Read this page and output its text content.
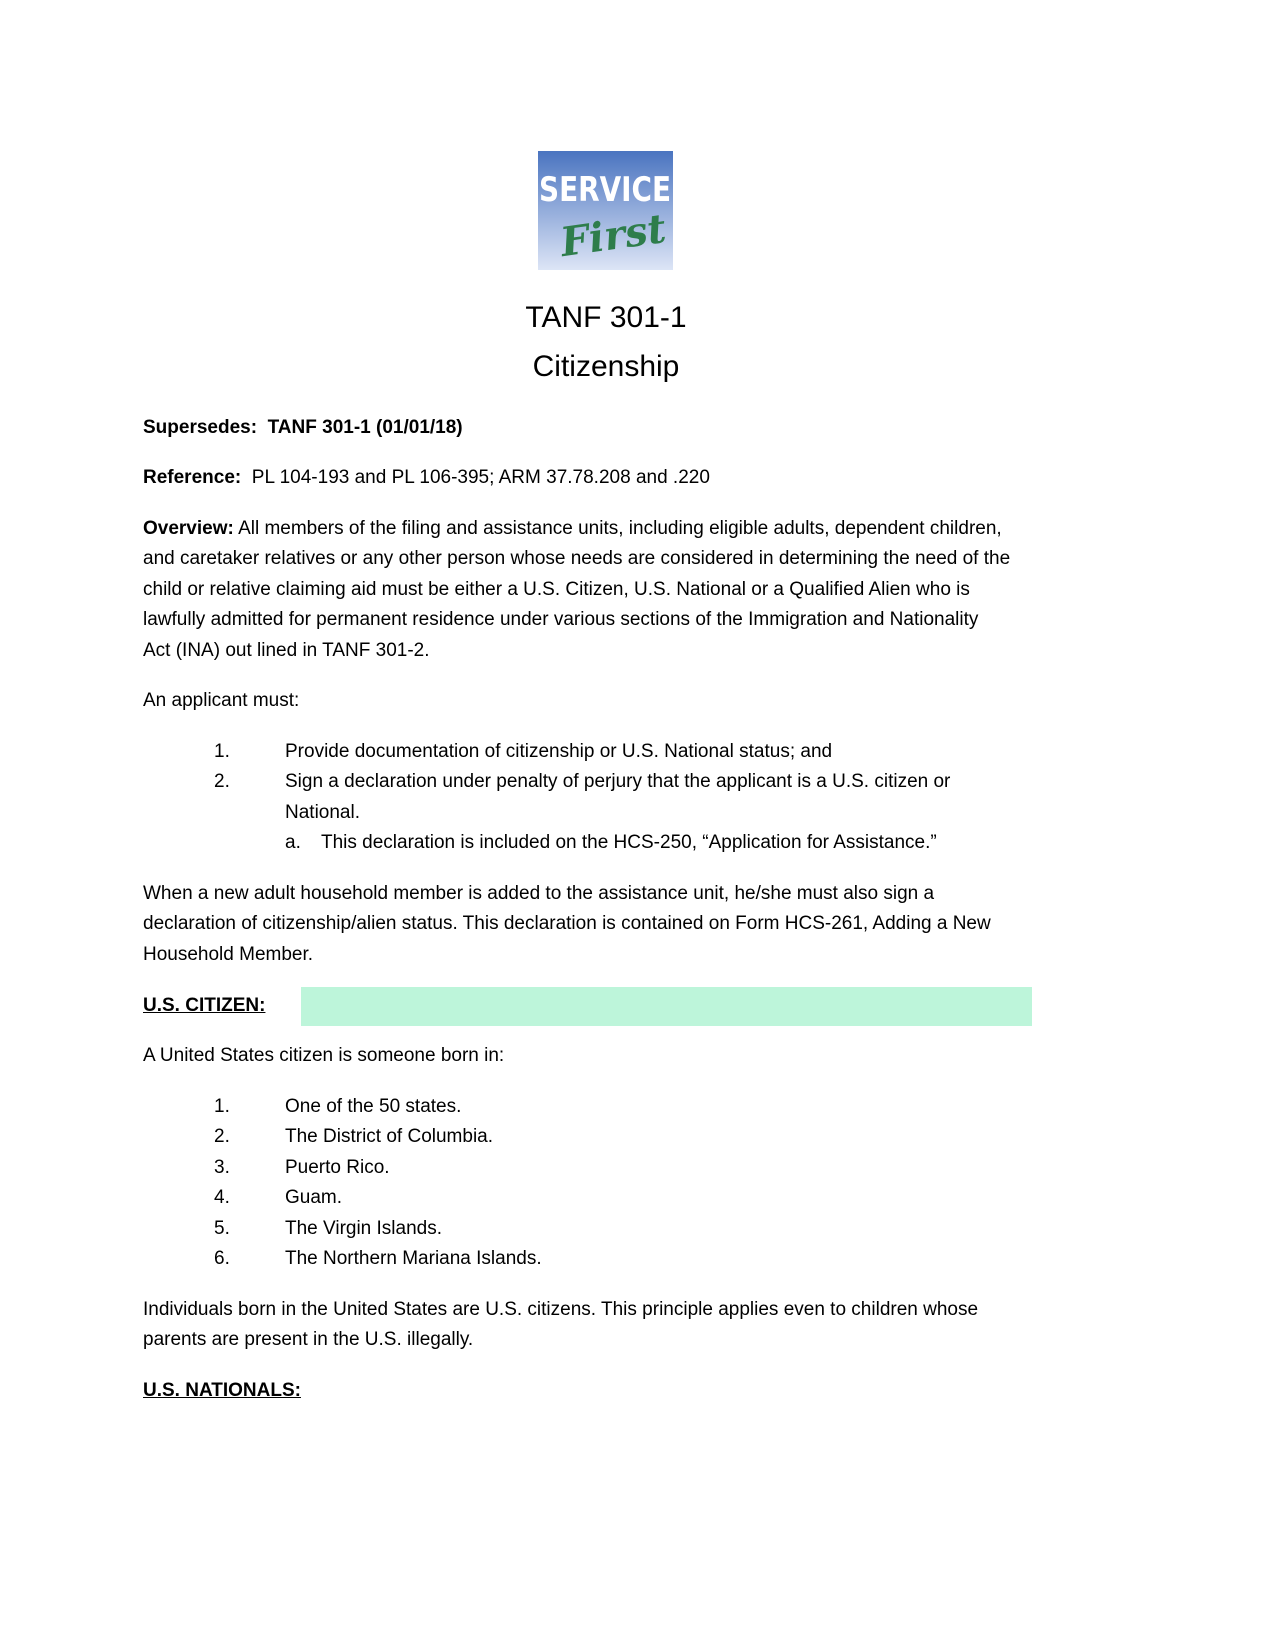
SERVICE
First
TANF 301-1
Citizenship

Supersedes: TANF 301-1 (01/01/18)

Reference: PL 104-193 and PL 106-395; ARM 37.78.208 and .220

Overview: All members of the filing and assistance units, including eligible adults, dependent children,

and caretaker relatives or any other person whose needs are considered in determining the need of the

child or relative claiming aid must be either a U.S. Citizen, U.S. National or a Qualified Alien who is

lawfully admitted for permanent residence under various sections of the Immigration and Nationality

Act (INA) out lined in TANF 301-2.

An applicant must:

1.	Provide documentation of citizenship or U.S. National status; and

2.	Sign a declaration under penalty of perjury that the applicant is a U.S. citizen or

National.

a. This declaration is included on the HCS-250, “Application for Assistance.”

When a new adult household member is added to the assistance unit, he/she must also sign a

declaration of citizenship/alien status. This declaration is contained on Form HCS-261, Adding a New

Household Member.

U.S. CITIZEN:

A United States citizen is someone born in:

1.	One of the 50 states.

2.	The District of Columbia.

3.	Puerto Rico.

4.	Guam.

5.	The Virgin Islands.

6.	The Northern Mariana Islands.

Individuals born in the United States are U.S. citizens. This principle applies even to children whose

parents are present in the U.S. illegally.

U.S. NATIONALS:
